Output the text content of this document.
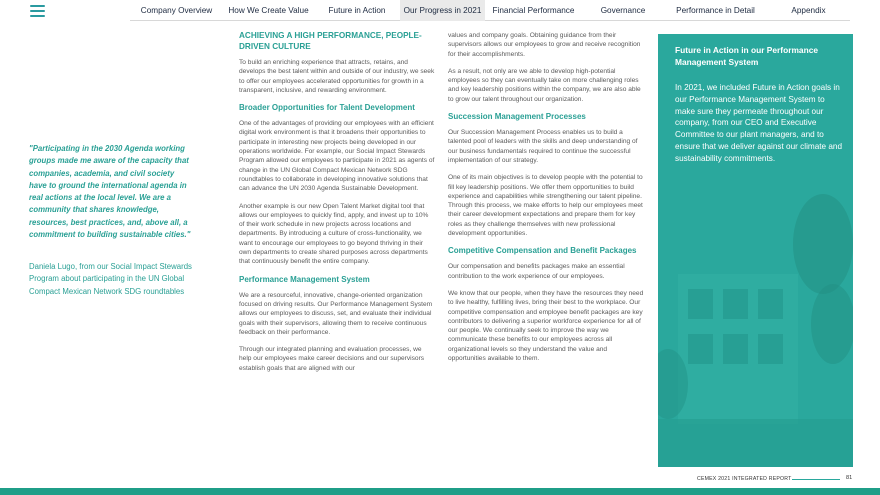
Company Overview	How We Create Value	Future in Action	Our Progress in 2021	Financial Performance	Governance	Performance in Detail	Appendix
"Participating in the 2030 Agenda working groups made me aware of the capacity that companies, academia, and civil society have to ground the international agenda in real actions at the local level. We are a community that shares knowledge, resources, best practices, and, above all, a commitment to building sustainable cities."
Daniela Lugo, from our Social Impact Stewards Program about participating in the UN Global Compact Mexican Network SDG roundtables
ACHIEVING A HIGH PERFORMANCE, PEOPLE-DRIVEN CULTURE

To build an enriching experience that attracts, retains, and develops the best talent within and outside of our industry, we seek to offer our employees accelerated opportunities for growth in a transparent, inclusive, and rewarding environment.

Broader Opportunities for Talent Development

One of the advantages of providing our employees with an efficient digital work environment is that it broadens their opportunities to participate in interesting new projects being developed in our operations worldwide. For example, our Social Impact Stewards Program allowed our employees to participate in 2021 as agents of change in the UN Global Compact Mexican Network SDG roundtables to collaborate in developing innovative solutions that can advance the UN 2030 Agenda Sustainable Development.

Another example is our new Open Talent Market digital tool that allows our employees to quickly find, apply, and invest up to 10% of their work schedule in new projects across locations and departments. By introducing a culture of cross-functionality, we want to encourage our employees to go beyond thriving in their own departments to create shared purposes across departments that continuously benefit the entire company.

Performance Management System

We are a resourceful, innovative, change-oriented organization focused on driving results. Our Performance Management System allows our employees to discuss, set, and evaluate their individual goals with their supervisors, allowing them to receive continuous feedback on their performance.

Through our integrated planning and evaluation processes, we help our employees make career decisions and our supervisors establish goals that are aligned with our

values and company goals. Obtaining guidance from their supervisors allows our employees to grow and receive recognition for their accomplishments.

As a result, not only are we able to develop high-potential employees so they can eventually take on more challenging roles and key leadership positions within the company, we are also able to grow our talent throughout our organization.

Succession Management Processes

Our Succession Management Process enables us to build a talented pool of leaders with the skills and deep understanding of our business fundamentals required to continue the successful implementation of our strategy.

One of its main objectives is to develop people with the potential to fill key leadership positions. We offer them opportunities to build experience and capabilities while strengthening our talent pipeline. Through this process, we make efforts to help our employees meet their career development expectations and prepare them for key roles as they challenge themselves with new professional development opportunities.

Competitive Compensation and Benefit Packages

Our compensation and benefits packages make an essential contribution to the work experience of our employees.

We know that our people, when they have the resources they need to live healthy, fulfilling lives, bring their best to the workplace. Our competitive compensation and employee benefit packages are key contributors to delivering a superior workforce experience for all of our people. We continually seek to improve the way we communicate these benefits to our employees across all organizational levels so they understand the value and opportunities available to them.

Future in Action in our Performance Management System
In 2021, we included Future in Action goals in our Performance Management System to make sure they permeate throughout our company, from our CEO and Executive Committee to our plant managers, and to ensure that we deliver against our climate and sustainability commitments.
CEMEX 2021 INTEGRATED REPORT	81
